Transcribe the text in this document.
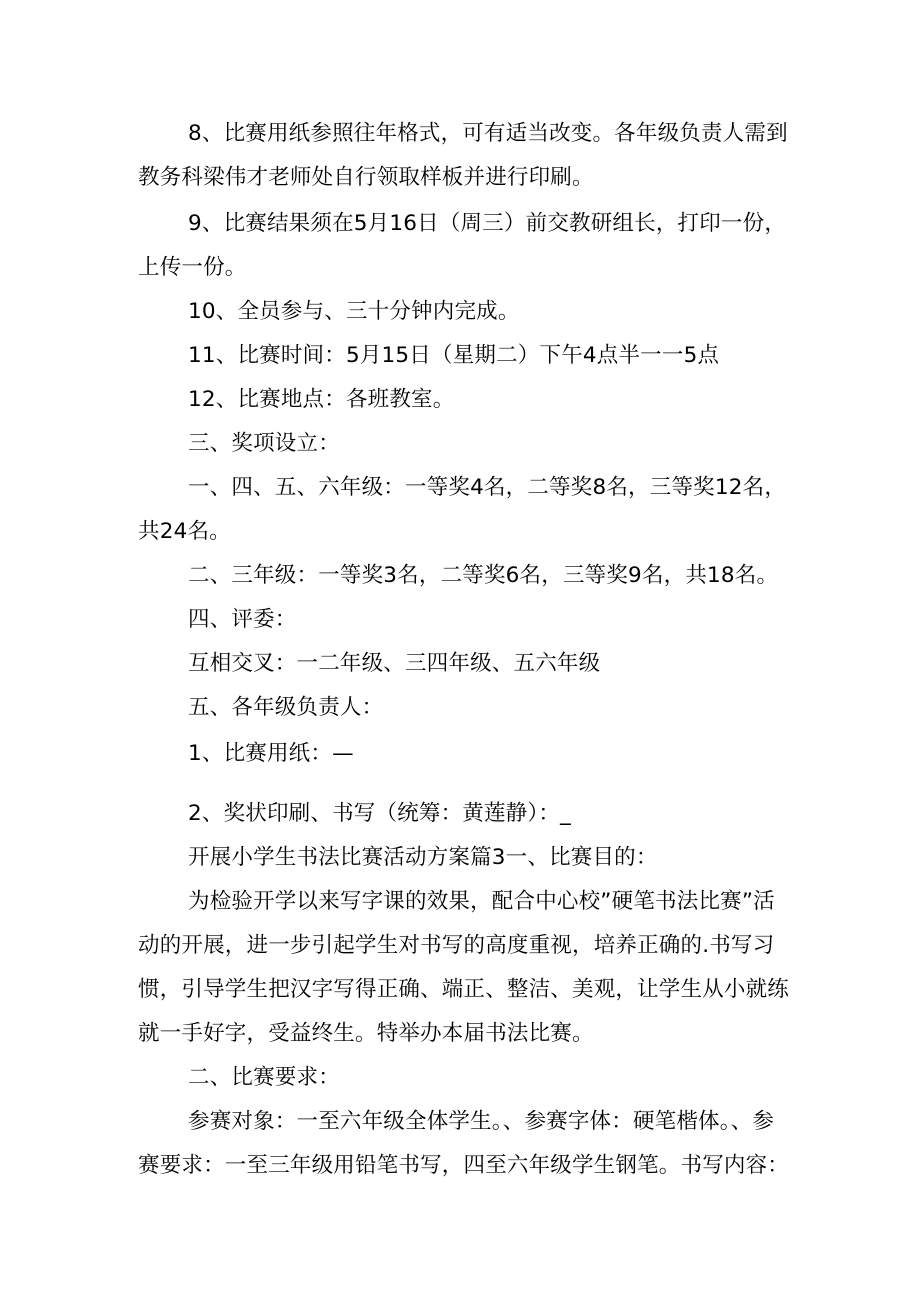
8、比赛用纸参照往年格式，可有适当改变。各年级负责人需到
教务科梁伟才老师处自行领取样板并进行印刷。
9、比赛结果须在5月16日（周三）前交教研组长，打印一份，
上传一份。
10、全员参与、三十分钟内完成。
11、比赛时间：5月15日（星期二）下午4点半一一5点
12、比赛地点：各班教室。
三、奖项设立：
一、四、五、六年级：一等奖4名，二等奖8名，三等奖12名，
共24名。
二、三年级：一等奖3名，二等奖6名，三等奖9名，共18名。
四、评委：
互相交叉：一二年级、三四年级、五六年级
五、各年级负责人：
1、比赛用纸：—
2、奖状印刷、书写（统筹：黄莲静）：_
开展小学生书法比赛活动方案篇3一、比赛目的：
为检验开学以来写字课的效果，配合中心校”硬笔书法比赛”活
动的开展，进一步引起学生对书写的高度重视，培养正确的.书写习
惯，引导学生把汉字写得正确、端正、整洁、美观，让学生从小就练
就一手好字，受益终生。特举办本届书法比赛。
二、比赛要求：
参赛对象：一至六年级全体学生。、参赛字体：硬笔楷体。、参
赛要求：一至三年级用铅笔书写，四至六年级学生钢笔。书写内容：
